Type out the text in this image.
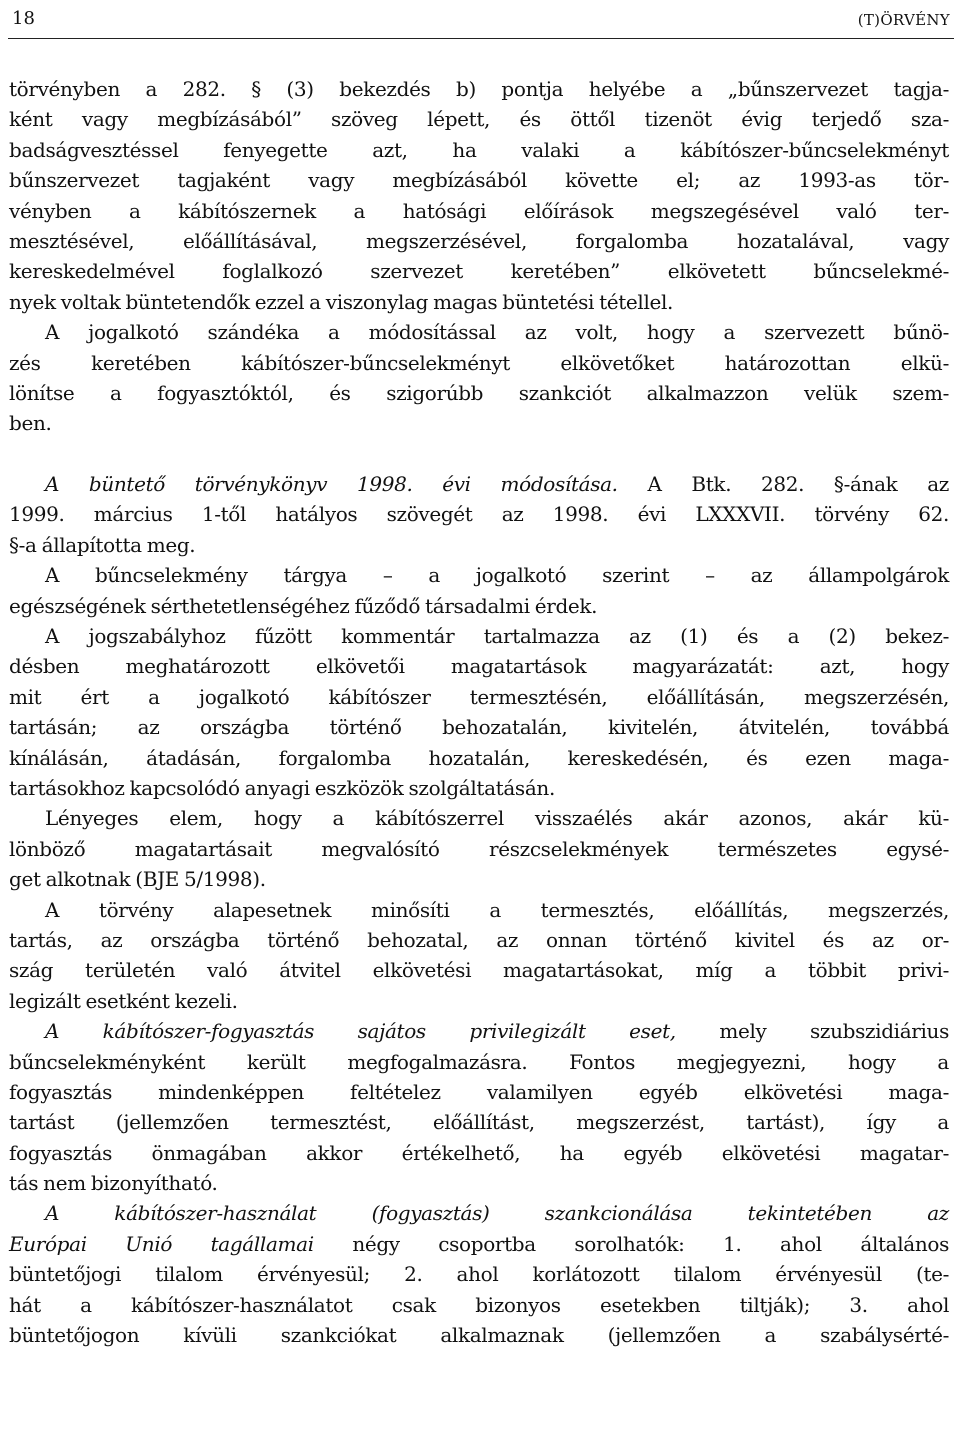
18	(T)ÖRVÉNY
törvényben a 282. § (3) bekezdés b) pontja helyébe a „bűnszervezet tagja-
ként vagy megbízásából” szöveg lépett, és öttől tizenöt évig terjedő sza-
badságvesztéssel fenyegette azt, ha valaki a kábítószer-bűncselekményt
bűnszervezet tagjaként vagy megbízásából követte el; az 1993-as tör-
vényben a kábítószernek a hatósági előírások megszegésével való ter-
mesztésével, előállításával, megszerzésével, forgalomba hozatalával, vagy
kereskedelmével foglalkozó szervezet keretében” elkövetett bűncselekmé-
nyek voltak büntetendők ezzel a viszonylag magas büntetési tétellel.
A jogalkotó szándéka a módosítással az volt, hogy a szervezett bűnö-
zés keretében kábítószer-bűncselekményt elkövetőket határozottan elkü-
lönítse a fogyasztóktól, és szigorúbb szankciót alkalmazzon velük szem-
ben.
A büntető törvénykönyv 1998. évi módosítása. A Btk. 282. §-ának az
1999. március 1-től hatályos szövegét az 1998. évi LXXXVII. törvény 62.
§-a állapította meg.
A bűncselekmény tárgya – a jogalkotó szerint – az állampolgárok
egészségének sérthetetlenségéhez fűződő társadalmi érdek.
A jogszabályhoz fűzött kommentár tartalmazza az (1) és a (2) bekez-
désben meghatározott elkövetői magatartások magyarázatát: azt, hogy
mit ért a jogalkotó kábítószer termesztésén, előállításán, megszerzésén,
tartásán; az országba történő behozatalán, kivitelén, átvitelén, továbbá
kínálásán, átadásán, forgalomba hozatalán, kereskedésén, és ezen maga-
tartásokhoz kapcsolódó anyagi eszközök szolgáltatásán.
Lényeges elem, hogy a kábítószerrel visszaélés akár azonos, akár kü-
lönböző magatartásait megvalósító részcselekmények természetes egysé-
get alkotnak (BJE 5/1998).
A törvény alapesetnek minősíti a termesztés, előállítás, megszerzés,
tartás, az országba történő behozatal, az onnan történő kivitel és az or-
szág területén való átvitel elkövetési magatartásokat, míg a többit privi-
legizált esetként kezeli.
A kábítószer-fogyasztás sajátos privilegizált eset, mely szubszidiárius
bűncselekményként került megfogalmazásra. Fontos megjegyezni, hogy a
fogyasztás mindenképpen feltételez valamilyen egyéb elkövetési maga-
tartást (jellemzően termesztést, előállítást, megszerzést, tartást), így a
fogyasztás önmagában akkor értékelhető, ha egyéb elkövetési magatar-
tás nem bizonyítható.
A kábítószer-használat (fogyasztás) szankcionálása tekintetében az
Európai Unió tagállamai négy csoportba sorolhatók: 1. ahol általános
büntetőjogi tilalom érvényesül; 2. ahol korlátozott tilalom érvényesül (te-
hát a kábítószer-használatot csak bizonyos esetekben tiltják); 3. ahol
büntetőjogon kívüli szankciókat alkalmaznak (jellemzően a szabálysérté-
